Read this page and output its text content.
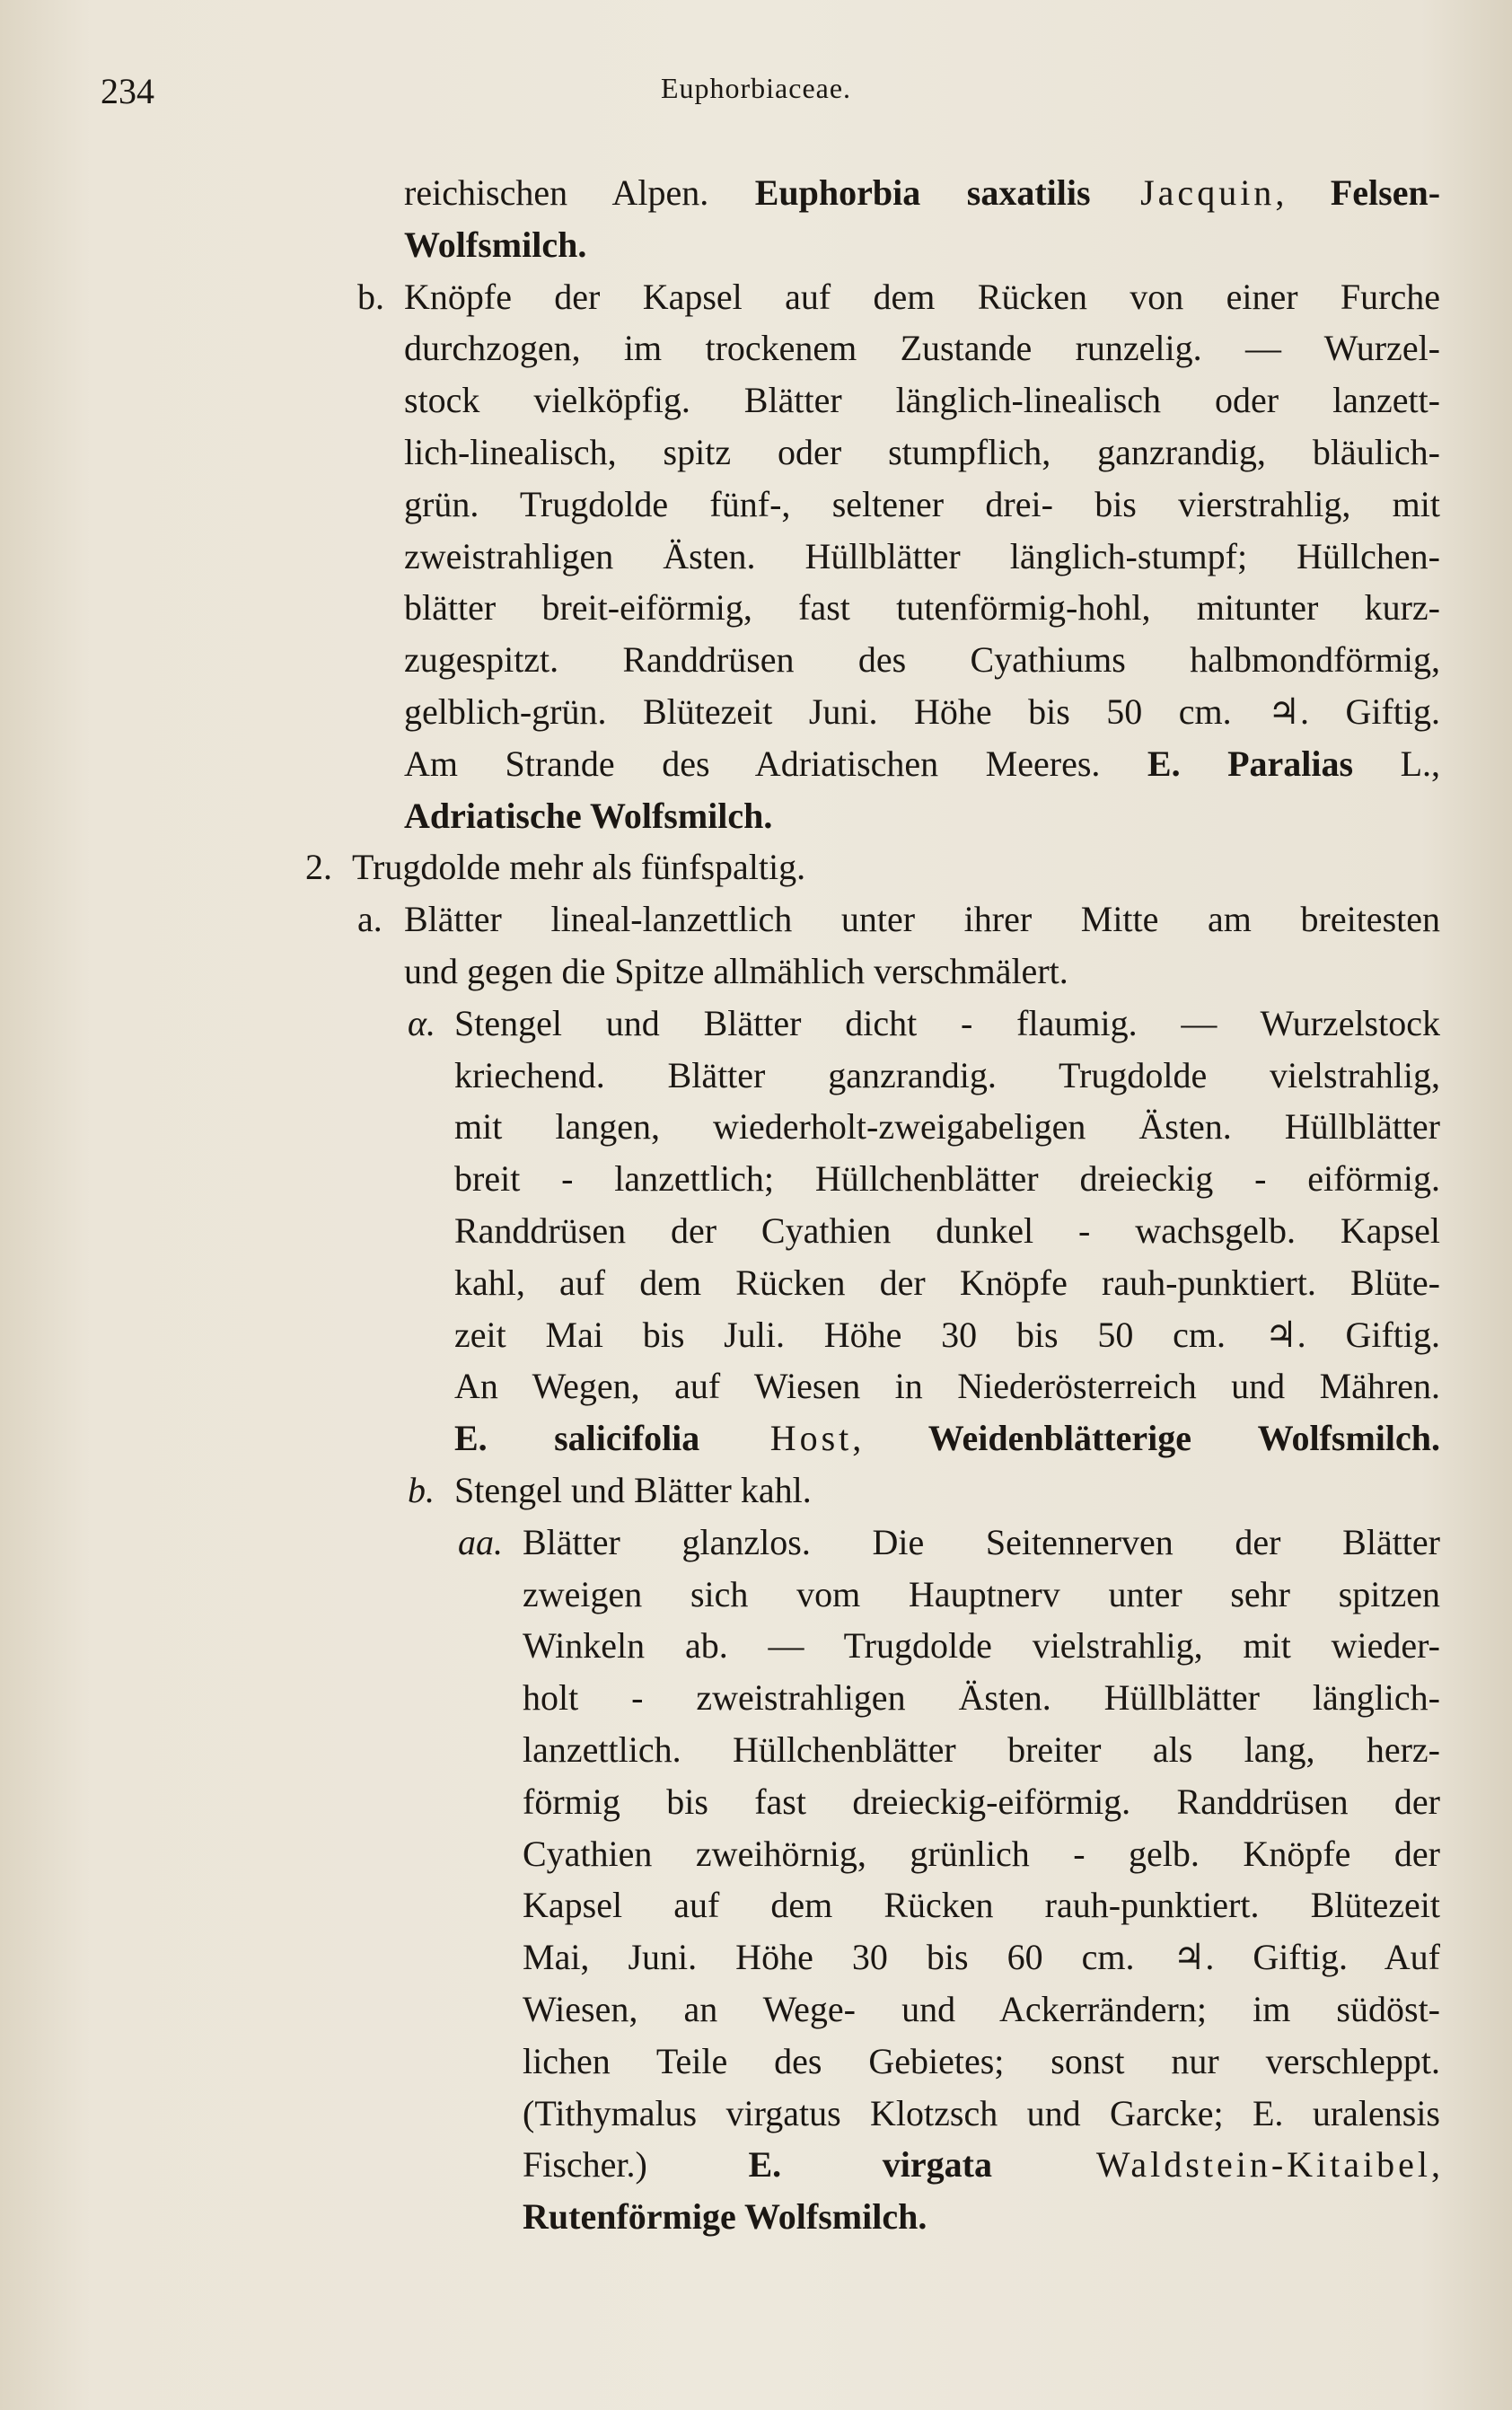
234	Euphorbiaceae.
reichischen Alpen. Euphorbia saxatilis Jacquin, Felsen-
Wolfsmilch.
b. Knöpfe der Kapsel auf dem Rücken von einer Furche
durchzogen, im trockenem Zustande runzelig. — Wurzel-
stock vielköpfig. Blätter länglich-linealisch oder lanzett-
lich-linealisch, spitz oder stumpflich, ganzrandig, bläulich-
grün. Trugdolde fünf-, seltener drei- bis vierstrahlig, mit
zweistrahligen Ästen. Hüllblätter länglich-stumpf; Hüllchen-
blätter breit-eiförmig, fast tutenförmig-hohl, mitunter kurz-
zugespitzt. Randdrüsen des Cyathiums halbmondförmig,
gelblich-grün. Blütezeit Juni. Höhe bis 50 cm. ♃. Giftig.
Am Strande des Adriatischen Meeres. E. Paralias L.,
Adriatische Wolfsmilch.
2. Trugdolde mehr als fünfspaltig.
a. Blätter lineal-lanzettlich unter ihrer Mitte am breitesten
und gegen die Spitze allmählich verschmälert.
α. Stengel und Blätter dicht - flaumig. — Wurzelstock
kriechend. Blätter ganzrandig. Trugdolde vielstrahlig,
mit langen, wiederholt-zweigabeligen Ästen. Hüllblätter
breit - lanzettlich; Hüllchenblätter dreieckig - eiförmig.
Randdrüsen der Cyathien dunkel - wachsgelb. Kapsel
kahl, auf dem Rücken der Knöpfe rauh-punktiert. Blüte-
zeit Mai bis Juli. Höhe 30 bis 50 cm. ♃. Giftig.
An Wegen, auf Wiesen in Niederösterreich und Mähren.
E. salicifolia Host, Weidenblätterige Wolfsmilch.
b. Stengel und Blätter kahl.
aa. Blätter glanzlos. Die Seitennerven der Blätter
zweigen sich vom Hauptnerv unter sehr spitzen
Winkeln ab. — Trugdolde vielstrahlig, mit wieder-
holt - zweistrahligen Ästen. Hüllblätter länglich-
lanzettlich. Hüllchenblätter breiter als lang, herz-
förmig bis fast dreieckig-eiförmig. Randdrüsen der
Cyathien zweihörnig, grünlich - gelb. Knöpfe der
Kapsel auf dem Rücken rauh-punktiert. Blütezeit
Mai, Juni. Höhe 30 bis 60 cm. ♃. Giftig. Auf
Wiesen, an Wege- und Ackerrändern; im südöst-
lichen Teile des Gebietes; sonst nur verschleppt.
(Tithymalus virgatus Klotzsch und Garcke; E. uralensis
Fischer.) E. virgata Waldstein-Kitaibel,
Rutenförmige Wolfsmilch.
